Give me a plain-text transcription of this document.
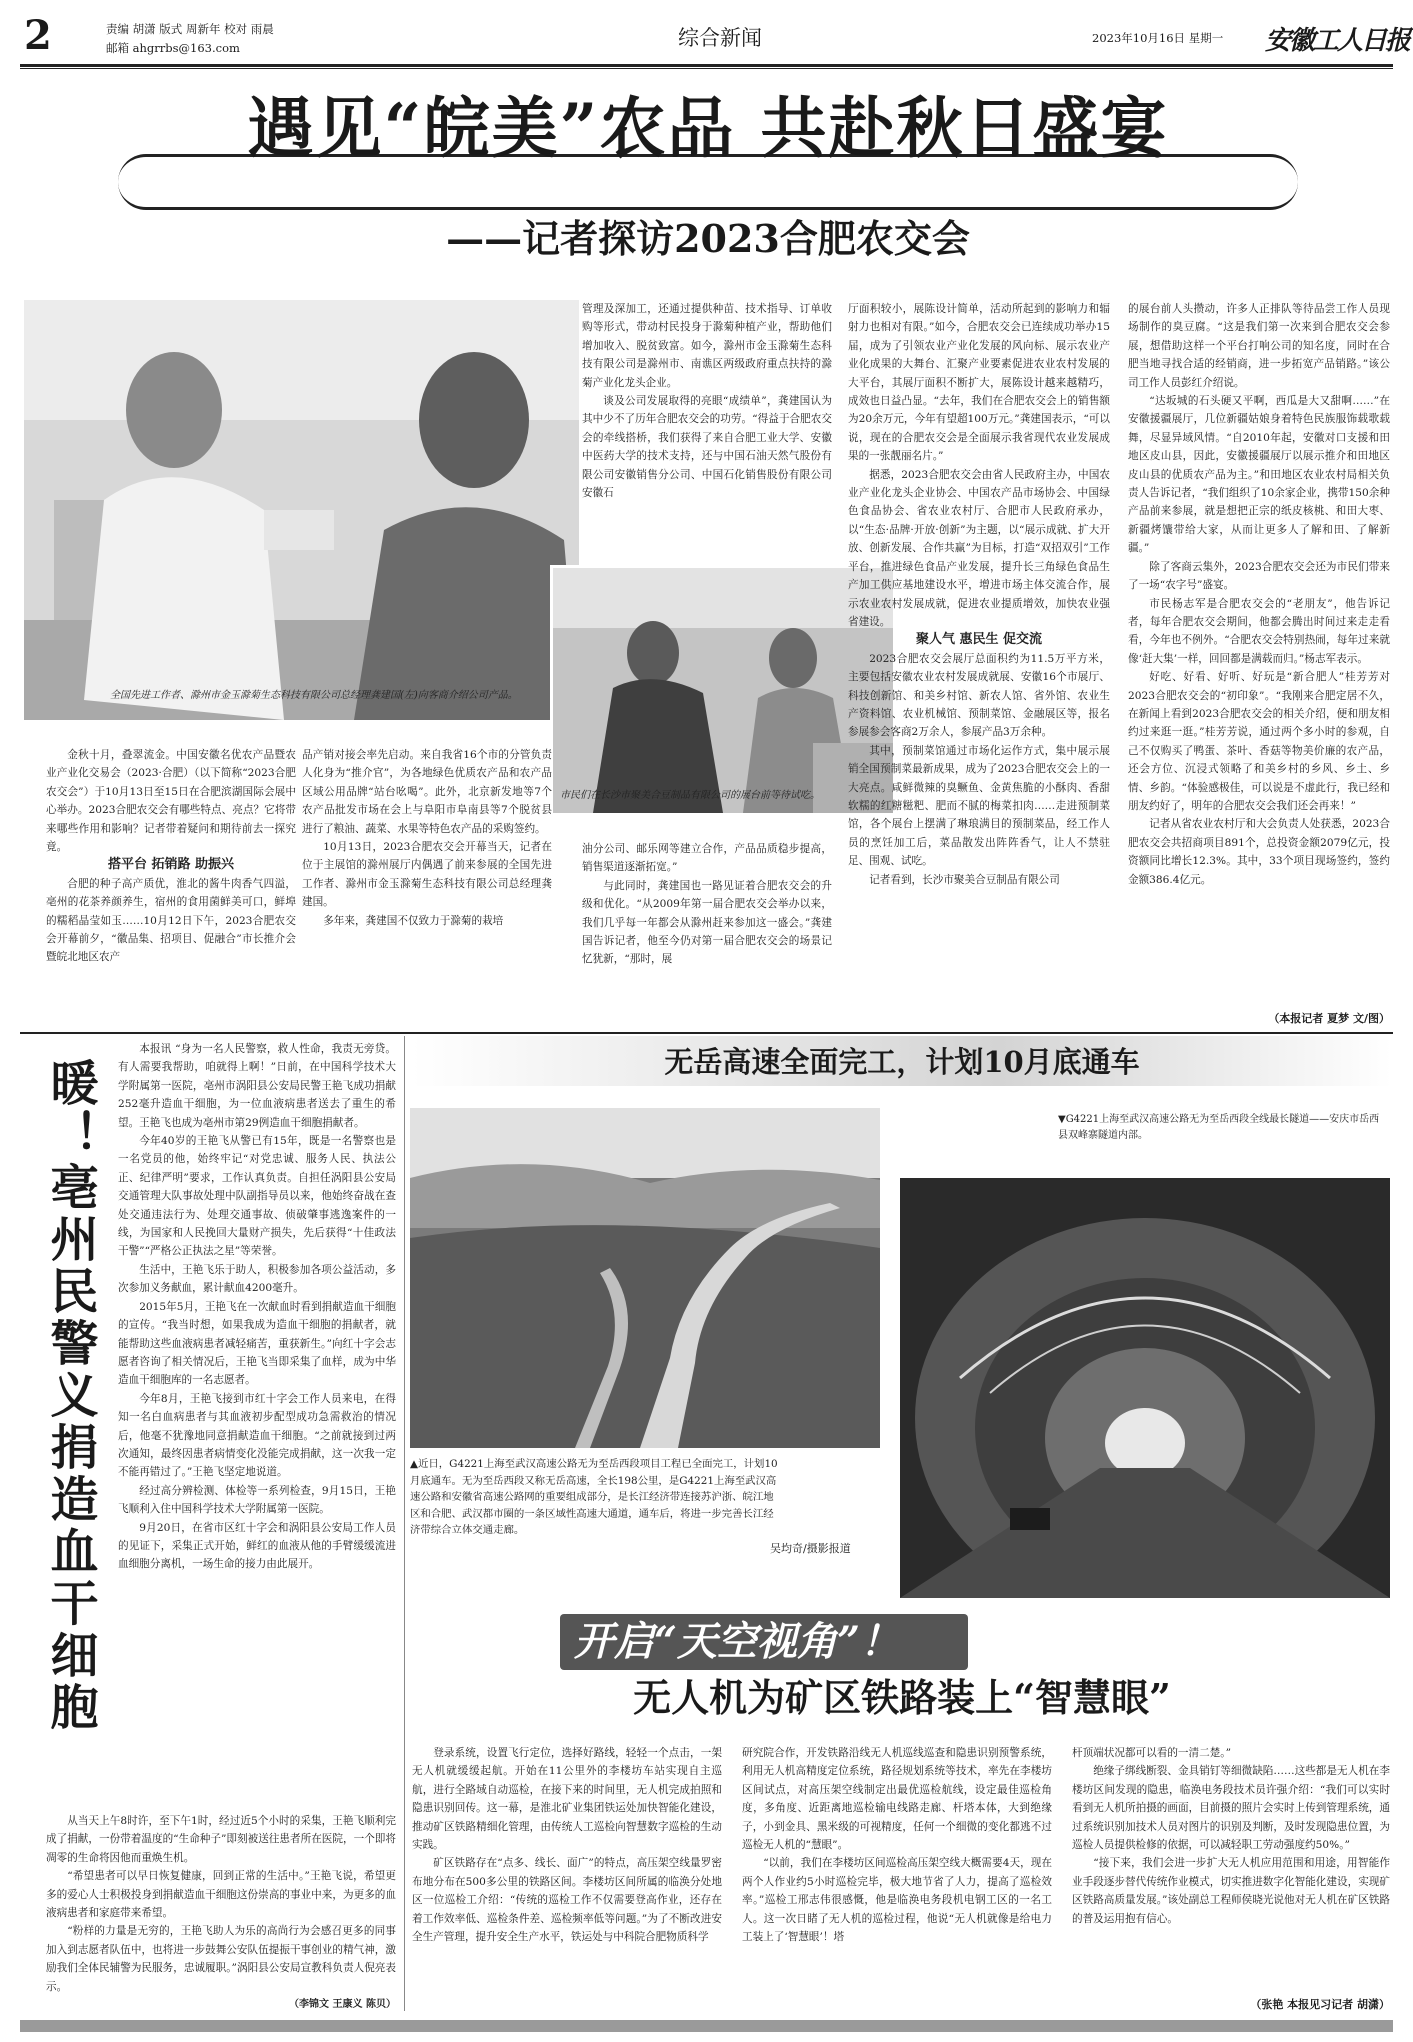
2	责编 胡潇 版式 周新年 校对 雨晨
邮箱 ahgrrbs@163.com	综合新闻	2023年10月16日 星期一 安徽工人日报
遇见“皖美”农品 共赴秋日盛宴
——记者探访2023合肥农交会
全国先进工作者、滁州市金玉滁菊生态科技有限公司总经理龚建国(左)向客商介绍公司产品。
市民们在长沙市聚美合豆制品有限公司的展台前等待试吃。

金秋十月，叠翠流金。中国安徽名优农产品暨农业产业化交易会（2023·合肥）（以下简称“2023合肥农交会”）于10月13日至15日在合肥滨湖国际会展中心举办。2023合肥农交会有哪些特点、亮点？它将带来哪些作用和影响？记者带着疑问和期待前去一探究竟。

搭平台 拓销路 助振兴

合肥的种子高产质优，淮北的酱牛肉香气四溢，亳州的花茶养颜养生，宿州的食用菌鲜美可口，鲜埠的糯稻晶莹如玉……10月12日下午，2023合肥农交会开幕前夕，“徽品集、招项目、促融合”市长推介会暨皖北地区农产

品产销对接会率先启动。来自我省16个市的分管负责人化身为“推介官”，为各地绿色优质农产品和农产品区域公用品牌“站台吆喝”。此外，北京新发地等7个农产品批发市场在会上与阜阳市阜南县等7个脱贫县进行了粮油、蔬菜、水果等特色农产品的采购签约。

10月13日，2023合肥农交会开幕当天，记者在位于主展馆的滁州展厅内偶遇了前来参展的全国先进工作者、滁州市金玉滁菊生态科技有限公司总经理龚建国。

多年来，龚建国不仅致力于滁菊的栽培

管理及深加工，还通过提供种苗、技术指导、订单收购等形式，带动村民投身于滁菊种植产业，帮助他们增加收入、脱贫致富。如今，滁州市金玉滁菊生态科技有限公司是滁州市、南谯区两级政府重点扶持的滁菊产业化龙头企业。

谈及公司发展取得的亮眼“成绩单”，龚建国认为其中少不了历年合肥农交会的功劳。“得益于合肥农交会的牵线搭桥，我们获得了来自合肥工业大学、安徽中医药大学的技术支持，还与中国石油天然气股份有限公司安徽销售分公司、中国石化销售股份有限公司安徽石

油分公司、邮乐网等建立合作，产品品质稳步提高，销售渠道逐渐拓宽。”

与此同时，龚建国也一路见证着合肥农交会的升级和优化。“从2009年第一届合肥农交会举办以来，我们几乎每一年都会从滁州赶来参加这一盛会。”龚建国告诉记者，他至今仍对第一届合肥农交会的场景记忆犹新，“那时，展

厅面积较小，展陈设计简单，活动所起到的影响力和辐射力也相对有限。”如今，合肥农交会已连续成功举办15届，成为了引领农业产业化发展的风向标、展示农业产业化成果的大舞台、汇聚产业要素促进农业农村发展的大平台，其展厅面积不断扩大，展陈设计越来越精巧，成效也日益凸显。“去年，我们在合肥农交会上的销售额为20余万元，今年有望超100万元。”龚建国表示，“可以说，现在的合肥农交会是全面展示我省现代农业发展成果的一张靓丽名片。”

据悉，2023合肥农交会由省人民政府主办，中国农业产业化龙头企业协会、中国农产品市场协会、中国绿色食品协会、省农业农村厅、合肥市人民政府承办，以“生态·品牌·开放·创新”为主题，以“展示成就、扩大开放、创新发展、合作共赢”为目标，打造“双招双引”工作平台，推进绿色食品产业发展，提升长三角绿色食品生产加工供应基地建设水平，增进市场主体交流合作，展示农业农村发展成就，促进农业提质增效，加快农业强省建设。

聚人气 惠民生 促交流

2023合肥农交会展厅总面积约为11.5万平方米，主要包括安徽农业农村发展成就展、安徽16个市展厅、科技创新馆、和美乡村馆、新农人馆、省外馆、农业生产资料馆、农业机械馆、预制菜馆、金融展区等，报名参展参会客商2万余人，参展产品3万余种。

其中，预制菜馆通过市场化运作方式，集中展示展销全国预制菜最新成果，成为了2023合肥农交会上的一大亮点。咸鲜微辣的臭鳜鱼、金黄焦脆的小酥肉、香甜软糯的红糖糍粑、肥而不腻的梅菜扣肉……走进预制菜馆，各个展台上摆满了琳琅满目的预制菜品，经工作人员的烹饪加工后，菜品散发出阵阵香气，让人不禁驻足、围观、试吃。

记者看到，长沙市聚美合豆制品有限公司

的展台前人头攒动，许多人正排队等待品尝工作人员现场制作的臭豆腐。“这是我们第一次来到合肥农交会参展，想借助这样一个平台打响公司的知名度，同时在合肥当地寻找合适的经销商，进一步拓宽产品销路。”该公司工作人员彭红介绍说。

“达坂城的石头硬又平啊，西瓜是大又甜啊……”在安徽援疆展厅，几位新疆姑娘身着特色民族服饰载歌载舞，尽显异域风情。“自2010年起，安徽对口支援和田地区皮山县，因此，安徽援疆展厅以展示推介和田地区皮山县的优质农产品为主。”和田地区农业农村局相关负责人告诉记者，“我们组织了10余家企业，携带150余种产品前来参展，就是想把正宗的纸皮核桃、和田大枣、新疆烤馕带给大家，从而让更多人了解和田、了解新疆。”

除了客商云集外，2023合肥农交会还为市民们带来了一场“农字号”盛宴。

市民杨志军是合肥农交会的“老朋友”，他告诉记者，每年合肥农交会期间，他都会腾出时间过来走走看看，今年也不例外。“合肥农交会特别热闹，每年过来就像‘赶大集’一样，回回都是满载而归。”杨志军表示。

好吃、好看、好听、好玩是“新合肥人”桂芳芳对2023合肥农交会的“初印象”。“我刚来合肥定居不久，在新闻上看到2023合肥农交会的相关介绍，便和朋友相约过来逛一逛。”桂芳芳说，通过两个多小时的参观，自己不仅购买了鸭蛋、茶叶、香菇等物美价廉的农产品，还会方位、沉浸式领略了和美乡村的乡风、乡土、乡情、乡韵。“体验感极佳，可以说是不虚此行，我已经和朋友约好了，明年的合肥农交会我们还会再来！”

记者从省农业农村厅和大会负责人处获悉，2023合肥农交会共招商项目891个，总投资金额2079亿元，投资额同比增长12.3%。其中，33个项目现场签约，签约金额386.4亿元。

（本报记者 夏梦 文/图）
暖！亳州民警义捐造血干细胞

本报讯 “身为一名人民警察，救人性命，我责无旁贷。有人需要我帮助，咱就得上啊！”日前，在中国科学技术大学附属第一医院，亳州市涡阳县公安局民警王艳飞成功捐献252毫升造血干细胞，为一位血液病患者送去了重生的希望。王艳飞也成为亳州市第29例造血干细胞捐献者。

今年40岁的王艳飞从警已有15年，既是一名警察也是一名党员的他，始终牢记“对党忠诚、服务人民、执法公正、纪律严明”要求，工作认真负责。自担任涡阳县公安局交通管理大队事故处理中队副指导员以来，他始终奋战在查处交通违法行为、处理交通事故、侦破肇事逃逸案件的一线，为国家和人民挽回大量财产损失，先后获得“十佳政法干警”“严格公正执法之星”等荣誉。

生活中，王艳飞乐于助人，积极参加各项公益活动，多次参加义务献血，累计献血4200毫升。

2015年5月，王艳飞在一次献血时看到捐献造血干细胞的宣传。“我当时想，如果我成为造血干细胞的捐献者，就能帮助这些血液病患者减轻痛苦，重获新生。”向红十字会志愿者咨询了相关情况后，王艳飞当即采集了血样，成为中华造血干细胞库的一名志愿者。

今年8月，王艳飞接到市红十字会工作人员来电，在得知一名白血病患者与其血液初步配型成功急需救治的情况后，他毫不犹豫地同意捐献造血干细胞。“之前就接到过两次通知，最终因患者病情变化没能完成捐献，这一次我一定不能再错过了。”王艳飞坚定地说道。

经过高分辨检测、体检等一系列检查，9月15日，王艳飞顺利入住中国科学技术大学附属第一医院。

9月20日，在省市区红十字会和涡阳县公安局工作人员的见证下，采集正式开始，鲜红的血液从他的手臂缓缓流进血细胞分离机，一场生命的接力由此展开。

从当天上午8时许，至下午1时，经过近5个小时的采集，王艳飞顺利完成了捐献，一份带着温度的“生命种子”即刻被送往患者所在医院，一个即将凋零的生命将因他而重焕生机。

“希望患者可以早日恢复健康，回到正常的生活中。”王艳飞说，希望更多的爱心人士积极投身到捐献造血干细胞这份崇高的事业中来，为更多的血液病患者和家庭带来希望。

“粉样的力量是无穷的，王艳飞助人为乐的高尚行为会感召更多的同事加入到志愿者队伍中，也将进一步鼓舞公安队伍提振干事创业的精气神，激励我们全体民辅警为民服务，忠诚履职。”涡阳县公安局宣教科负责人倪亮表示。

（李锦文 王康义 陈贝）

无岳高速全面完工，计划10月底通车
▲近日，G4221上海至武汉高速公路无为至岳西段项目工程已全面完工，计划10月底通车。无为至岳西段又称无岳高速，全长198公里，是G4221上海至武汉高速公路和安徽省高速公路网的重要组成部分，是长江经济带连接苏沪浙、皖江地区和合肥、武汉都市圈的一条区域性高速大通道，通车后，将进一步完善长江经济带综合立体交通走廊。
吴均奇/摄影报道
▼G4221上海至武汉高速公路无为至岳西段全线最长隧道——安庆市岳西县双峰寨隧道内部。
开启“天空视角”！
无人机为矿区铁路装上“智慧眼”

登录系统，设置飞行定位，选择好路线，轻轻一个点击，一架无人机就缓缓起航。开始在11公里外的李楼坊车站实现自主巡航，进行全路域自动巡检，在接下来的时间里，无人机完成拍照和隐患识别回传。这一幕，是淮北矿业集团铁运处加快智能化建设，推动矿区铁路精细化管理，由传统人工巡检向智慧数字巡检的生动实践。

矿区铁路存在“点多、线长、面广”的特点，高压架空线量罗密布地分布在500多公里的铁路区间。李楼坊区间所属的临涣分处地区一位巡检工介绍：“传统的巡检工作不仅需要登高作业，还存在着工作效率低、巡检条件差、巡检频率低等问题。”为了不断改进安全生产管理，提升安全生产水平，铁运处与中科院合肥物质科学

研究院合作，开发铁路沿线无人机巡线巡查和隐患识别预警系统，利用无人机高精度定位系统，路径规划系统等技术，率先在李楼坊区间试点，对高压架空线制定出最优巡检航线，设定最佳巡检角度，多角度、近距离地巡检输电线路走廊、杆塔本体，大到绝缘子，小到金具、黑米级的可视精度，任何一个细微的变化都逃不过巡检无人机的“慧眼”。

“以前，我们在李楼坊区间巡检高压架空线大概需要4天，现在两个人作业约5小时巡检完毕，极大地节省了人力，提高了巡检效率。”巡检工邢志伟很感慨，他是临涣电务段机电钢工区的一名工人。这一次日睹了无人机的巡检过程，他说“无人机就像是给电力工装上了‘智慧眼’！塔

杆顶端状况都可以看的一清二楚。”

绝缘子绑线断裂、金具销钉等细微缺陷……这些都是无人机在李楼坊区间发现的隐患，临涣电务段技术员许强介绍：“我们可以实时看到无人机所拍摄的画面，目前摄的照片会实时上传到管理系统，通过系统识别加技术人员对图片的识别及判断，及时发现隐患位置，为巡检人员提供检修的依据，可以减轻职工劳动强度约50%。”

“接下来，我们会进一步扩大无人机应用范围和用途，用智能作业手段逐步替代传统作业模式，切实推进数字化智能化建设，实现矿区铁路高质量发展。”该处副总工程师侯晓光说他对无人机在矿区铁路的普及运用抱有信心。

（张艳 本报见习记者 胡潇）
